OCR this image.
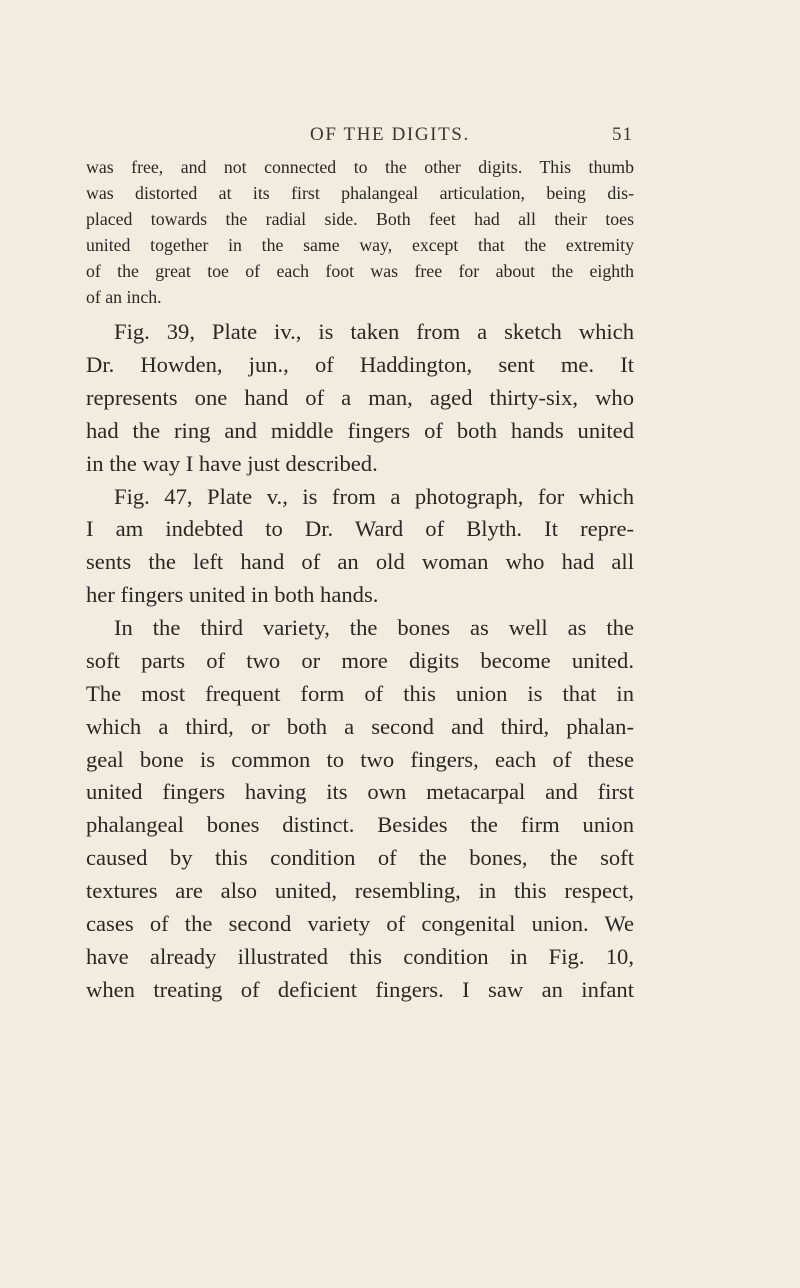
OF THE DIGITS.	51
was free, and not connected to the other digits. This thumb
was distorted at its first phalangeal articulation, being dis-
placed towards the radial side. Both feet had all their toes
united together in the same way, except that the extremity
of the great toe of each foot was free for about the eighth
of an inch.
Fig. 39, Plate iv., is taken from a sketch which
Dr. Howden, jun., of Haddington, sent me. It
represents one hand of a man, aged thirty-six, who
had the ring and middle fingers of both hands united
in the way I have just described.
Fig. 47, Plate v., is from a photograph, for which
I am indebted to Dr. Ward of Blyth. It repre-
sents the left hand of an old woman who had all
her fingers united in both hands.
In the third variety, the bones as well as the
soft parts of two or more digits become united.
The most frequent form of this union is that in
which a third, or both a second and third, phalan-
geal bone is common to two fingers, each of these
united fingers having its own metacarpal and first
phalangeal bones distinct. Besides the firm union
caused by this condition of the bones, the soft
textures are also united, resembling, in this respect,
cases of the second variety of congenital union. We
have already illustrated this condition in Fig. 10,
when treating of deficient fingers. I saw an infant
